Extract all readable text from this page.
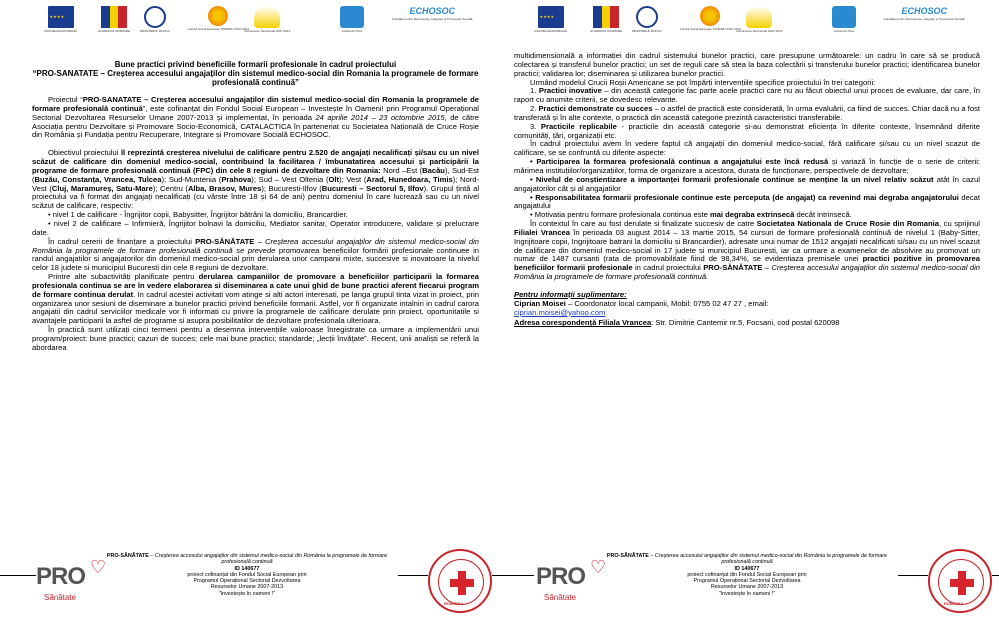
★ ★ ★ ★
UNIUNEA EUROPEANĂ	GUVERNUL ROMÂNIEI	MINISTERUL MUNCII	Fondul Social European POSDRU 2007-2013
Instrumente Structurale 2007-2013	CATALACTICA
ECHOSOC
Fundația pentru Recuperare, Integrare și Promovare Socială

Bune practici privind beneficiile formarii profesionale în cadrul proiectului

“PRO-SANATATE – Creșterea accesului angajaților din sistemul medico-social din Romania la programele de formare profesională continuă”

Proiectul “PRO-SANATATE – Creșterea accesului angajaților din sistemul medico-social din Romania la programele de formare profesională continuă”, este cofinanțat din Fondul Social European – Investește în Oameni! prin Programul Operațional Sectorial Dezvoltarea Resurselor Umane 2007-2013 și implementat, în perioada 24 aprilie 2014 – 23 octombrie 2015, de către Asociația pentru Dezvoltare și Promovare Socio-Economică, CATALACTICA în parteneriat cu Societatea Națională de Cruce Roșie din România și Fundația pentru Recuperare, Integrare și Promovare Socială ECHOSOC.

Obiectivul proiectului îl reprezintă creșterea nivelului de calificare pentru 2.520 de angajați necalificați și/sau cu un nivel scăzut de calificare din domeniul medico-social, contribuind la facilitarea / îmbunatatirea accesului și participării la programe de formare profesională continuă (FPC) din cele 8 regiuni de dezvoltare din Romania: Nord –Est (Bacău), Sud-Est (Buzău, Constanța, Vrancea, Tulcea); Sud-Muntenia (Prahova); Sud – Vest Oltenia (Olt); Vest (Arad, Hunedoara, Timis); Nord-Vest (Cluj, Maramureș, Satu-Mare); Centru (Alba, Brasov, Mures); Bucuresti-Ilfov (Bucuresti – Sectorul 5, Ilfov). Grupul țintă al proiectului va fi format din angajați necalificați (cu vârste între 18 și 64 de ani) pentru domeniul în care lucrează sau cu un nivel scăzut de calificare, respectiv:

• nivel 1 de calificare - Îngrijitor copii, Babysitter, Îngrijitor bătrâni la domiciliu, Brancardier.

• nivel 2 de calificare – Infirmieră, Îngrijitor bolnavi la domiciliu, Mediator sanitar, Operator introducere, validare și prelucrare date.

În cadrul cererii de finanțare a proiectului PRO-SĂNĂTATE – Creșterea accesului angajaților din sistemul medico-social din România la programele de formare profesională continuă se prevede promovarea beneficiilor formării profesionale continuee in randul angajatilor si angajatorilor din domeniul medico-social prin derularea unor campanii mixte, succesive si inovatoare la nivelul celor 18 judete si municipiul Bucuresti din cele 8 regiuni de dezvoltare.

Printre alte subactivități planificate pentru derularea campaniilor de promovare a beneficiilor participarii la formarea profesionala continua se are în vedere elaborarea si diseminarea a cate unui ghid de bune practici aferent fiecarui program de formare continua derulat. In cadrul acestei activitati vom atinge si alti actori interesati, pe langa grupul tinta vizat in proiect, prin organizarea unor sesiuni de diseminare a bunelor practici privind beneficiile formarii. Astfel, vor fi organizate intalniri in cadrul carora angajatii din cadrul serviciilor medicale vor fi informati cu privire la programele de calificare derulate prin proiect, oportunitatile si avantajele participarii la asftel de programe si asupra posibilitatilor de dezvoltare profesionala ulterioara.

În practică sunt utilizați cinci termeni pentru a desemna intervențiile valoroase înregistrate ca urmare a implementării unui program/proiect: bune practici; cazuri de succes; cele mai bune practici; standarde; „lecții învățate”. Recent, unii analiști se referă la abordarea

PRO ♡
Sănătate
PRO-SĂNĂTATE – Creșterea accesului angajaților din sistemul medico-social din România la programele de formare profesională continuă
ID 140677
proiect cofinanțat din Fondul Social European prin
Programul Operațional Sectorial Dezvoltarea
Resurselor Umane 2007-2013
"Investește în oameni !"
ROMÂNIA
★ ★ ★ ★
UNIUNEA EUROPEANĂ	GUVERNUL ROMÂNIEI	MINISTERUL MUNCII	Fondul Social European POSDRU 2007-2013
Instrumente Structurale 2007-2013	CATALACTICA
ECHOSOC
Fundația pentru Recuperare, Integrare și Promovare Socială

multidimensională a informației din cadrul sistemului bunelor practici, care presupune următoarele: un cadru în care să se producă colectarea și transferul bunelor practici; un set de reguli care să stea la baza colectării și transferului bunelor practici; identificarea bunelor practici; validarea lor; diseminarea și utilizarea bunelor practici.

Urmând modelul Crucii Roșii Americane se pot împărți intervențiile specifice proiectului în trei categorii:

1. Practici inovative – din această categorie fac parte acele practici care nu au făcut obiectul unui proces de evaluare, dar care, în raport cu anumite criterii, se dovedesc relevante.

2. Practici demonstrate cu succes – o astfel de practică este considerată, în urma evaluării, ca fiind de succes. Chiar dacă nu a fost transferată și în alte contexte, o practică din această categorie prezintă caracteristici transferabile.

3. Practicile replicabile - practicile din această categorie și-au demonstrat eficiența în diferite contexte, însemnând diferite comunități, țări, organizații etc.

În cadrul proiectului avem în vedere faptul că angajații din domeniul medico-social, fără calificare și/sau cu un nivel scazut de calificare, se se confruntă cu diferite aspecte:

• Participarea la formarea profesională continua a angajatului este încă redusă și variază în funcție de o serie de criterii: mărimea instituțiilor/organizațiilor, forma de organizare a acestora, durata de funcționare, perspectivele de dezvoltare;

• Nivelul de conștientizare a importanței formarii profesionale continue se menține la un nivel relativ scăzut atât în cazul angajatorilor cât și al angajatilor

• Responsabilitatea formarii profesionale continue este perceputa (de angajat) ca revenind mai degraba angajatorului decat angajatului

• Motivatia pentru formare profesionala continua este mai degraba extrinsecă decât intrinsecă.

În contextul în care au fost derulate si finalizate succesiv de catre Societatea Nationala de Cruce Rosie din Romania, cu sprijinul Filialei Vrancea în perioada 03 august 2014 – 13 martie 2015, 54 cursuri de formare profesională continuă de nivelul 1 (Baby-Sitter, Ingrijitoare copii, Ingrijitoare batrani la domiciliu si Brancardier), adresate unui numar de 1512 angajati necalificati si/sau cu un nivel scazut de calificare din domeniul medico-social in 17 judete si municipiul Bucuresti, iar ca urmare a examenelor de absolvire au promovat un numar de 1487 cursanti (rata de promovabilitate fiind de 98,34%, se evidentiaza premisele unei practici pozitive in promovarea beneficiilor formarii profesionale in cadrul proiectului PRO-SĂNĂTATE – Creșterea accesului angajaților din sistemul medico-social din România la programele de formare profesională continuă.

Pentru informații suplimentare:

Ciprian Moisei – Coordonator local campanii, Mobil: 0755 02 47 27 , email:

ciprian.moisei@yahoo.com

Adresa corespondență Filiala Vrancea: Str. Dimitrie Cantemir nr.5, Focsani, cod postal 620098

PRO ♡
Sănătate
PRO-SĂNĂTATE – Creșterea accesului angajaților din sistemul medico-social din România la programele de formare profesională continuă
ID 140677
proiect cofinanțat din Fondul Social European prin
Programul Operațional Sectorial Dezvoltarea
Resurselor Umane 2007-2013
"Investește în oameni !"
ROMÂNIA
